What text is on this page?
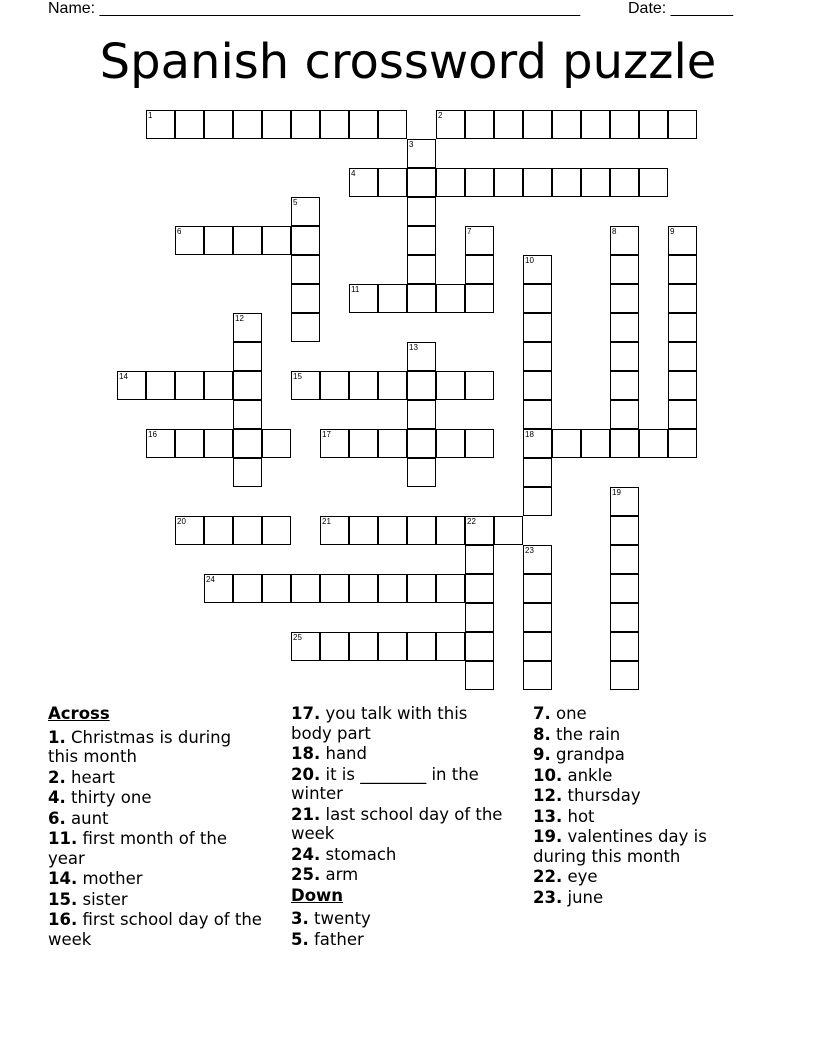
Name: ______________________________________________________	Date: _______
Spanish crossword puzzle
1	2
4
6
11
14	15
16	17	18
20	21	22
24
25
3
5
7	8	9
10
12
13
19
23
Across
1. Christmas is during this month
2. heart
4. thirty one
6. aunt
11. first month of the year
14. mother
15. sister
16. first school day of the week
17. you talk with this body part
18. hand
20. it is ________ in the winter
21. last school day of the week
24. stomach
25. arm
Down
3. twenty
5. father
7. one
8. the rain
9. grandpa
10. ankle
12. thursday
13. hot
19. valentines day is during this month
22. eye
23. june
